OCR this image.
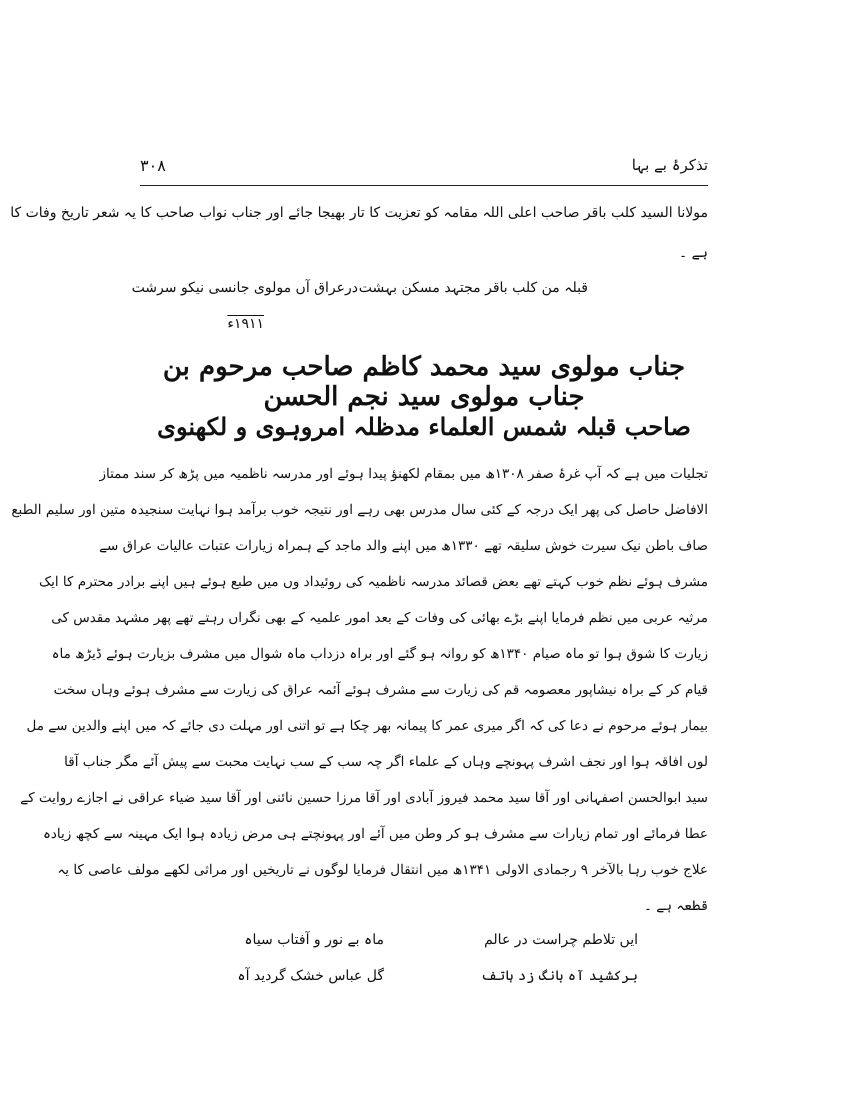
تذکرۂ بے بہا
۳۰۸
مولانا السید کلب باقر صاحب اعلی اللہ مقامہ کو تعزیت کا تار بھیجا جائے اور جناب نواب صاحب کا یہ شعر تاریخ وفات کا
ہے ۔
قبلہ من کلب باقر مجتہد مسکن بہشت
درعراق آں مولوی جانسی نیکو سرشت
۱۹۱۱ء
جناب مولوی سید محمد کاظم صاحب مرحوم بن جناب مولوی سید نجم الحسن
صاحب قبلہ شمس العلماء مدظلہ امروہوی و لکھنوی
تجلیات میں ہے کہ آپ غرۂ صفر ۱۳۰۸ھ میں بمقام لکھنؤ پیدا ہوئے اور مدرسہ ناظمیہ میں پڑھ کر سند ممتاز
الافاضل حاصل کی پھر ایک درجہ کے کئی سال مدرس بھی رہے اور نتیجہ خوب برآمد ہوا نہایت سنجیدہ متین اور سلیم الطبع
صاف باطن نیک سیرت خوش سلیقہ تھے ۱۳۳۰ھ میں اپنے والد ماجد کے ہمراہ زیارات عتبات عالیات عراق سے
مشرف ہوئے نظم خوب کہتے تھے بعض قصائد مدرسہ ناظمیہ کی روئیداد وں میں طبع ہوئے ہیں اپنے برادر محترم کا ایک
مرثیہ عربی میں نظم فرمایا اپنے بڑے بھائی کی وفات کے بعد امور علمیہ کے بھی نگراں رہتے تھے پھر مشہد مقدس کی
زیارت کا شوق ہوا تو ماہ صیام ۱۳۴۰ھ کو روانہ ہو گئے اور براہ دزداب ماہ شوال میں مشرف بزیارت ہوئے ڈیڑھ ماہ
قیام کر کے براہ نیشاپور معصومہ قم کی زیارت سے مشرف ہوئے آئمہ عراق کی زیارت سے مشرف ہوئے وہاں سخت
بیمار ہوئے مرحوم نے دعا کی کہ اگر میری عمر کا پیمانہ بھر چکا ہے تو اتنی اور مہلت دی جائے کہ میں اپنے والدین سے مل
لوں افاقہ ہوا اور نجف اشرف پہونچے وہاں کے علماء اگر چہ سب کے سب نہایت محبت سے پیش آئے مگر جناب آقا
سید ابوالحسن اصفہانی اور آقا سید محمد فیروز آبادی اور آقا مرزا حسین نائنی اور آقا سید ضیاء عراقی نے اجازے روایت کے
عطا فرمائے اور تمام زیارات سے مشرف ہو کر وطن میں آئے اور پہونچتے ہی مرض زیادہ ہوا ایک مہینہ سے کچھ زیادہ
علاج خوب رہا بالآخر ۹ رجمادی الاولی ۱۳۴۱ھ میں انتقال فرمایا لوگوں نے تاریخیں اور مراثی لکھے مولف عاصی کا یہ
قطعہ ہے ۔
ایں تلاطم چراست در عالم
ماہ بے نور و آفتاب سیاہ
برکشید آہ بانگ زد ہاتف
گل عباس خشک گردید آہ
